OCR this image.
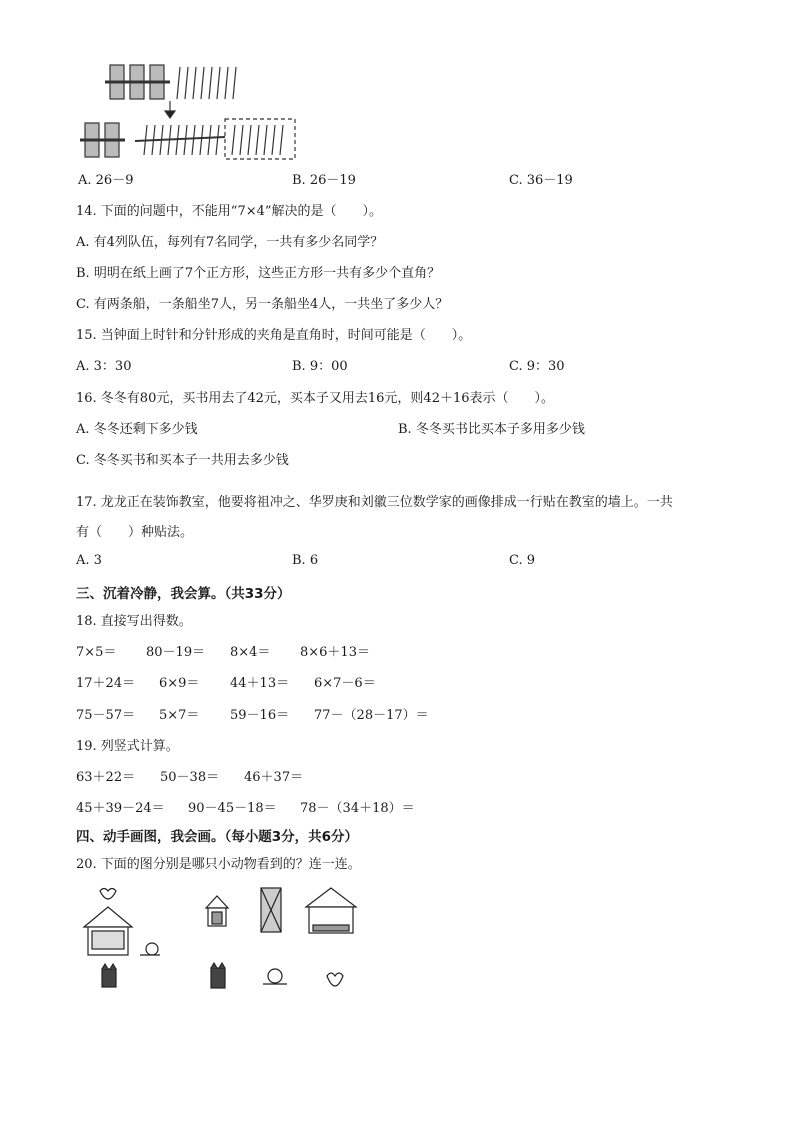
A. 26－9	B. 26－19	C. 36－19
14. 下面的问题中，不能用“7×4”解决的是（　　）。
A. 有4列队伍，每列有7名同学，一共有多少名同学？
B. 明明在纸上画了7个正方形，这些正方形一共有多少个直角？
C. 有两条船，一条船坐7人，另一条船坐4人，一共坐了多少人？
15. 当钟面上时针和分针形成的夹角是直角时，时间可能是（　　）。
A. 3：30	B. 9：00	C. 9：30
16. 冬冬有80元，买书用去了42元，买本子又用去16元，则42＋16表示（　　）。
A. 冬冬还剩下多少钱	B. 冬冬买书比买本子多用多少钱
C. 冬冬买书和买本子一共用去多少钱
17. 龙龙正在装饰教室，他要将祖冲之、华罗庚和刘徽三位数学家的画像排成一行贴在教室的墙上。一共
有（　　）种贴法。
A. 3	B. 6	C. 9
三、沉着冷静，我会算。（共33分）
18. 直接写出得数。
7×5＝ 80－19＝ 8×4＝ 8×6＋13＝
17＋24＝ 6×9＝ 44＋13＝ 6×7－6＝
75－57＝ 5×7＝ 59－16＝ 77－（28－17）＝
19. 列竖式计算。
63＋22＝ 50－38＝ 46＋37＝
45＋39－24＝ 90－45－18＝ 78－（34＋18）＝
四、动手画图，我会画。（每小题3分，共6分）
20. 下面的图分别是哪只小动物看到的？连一连。
